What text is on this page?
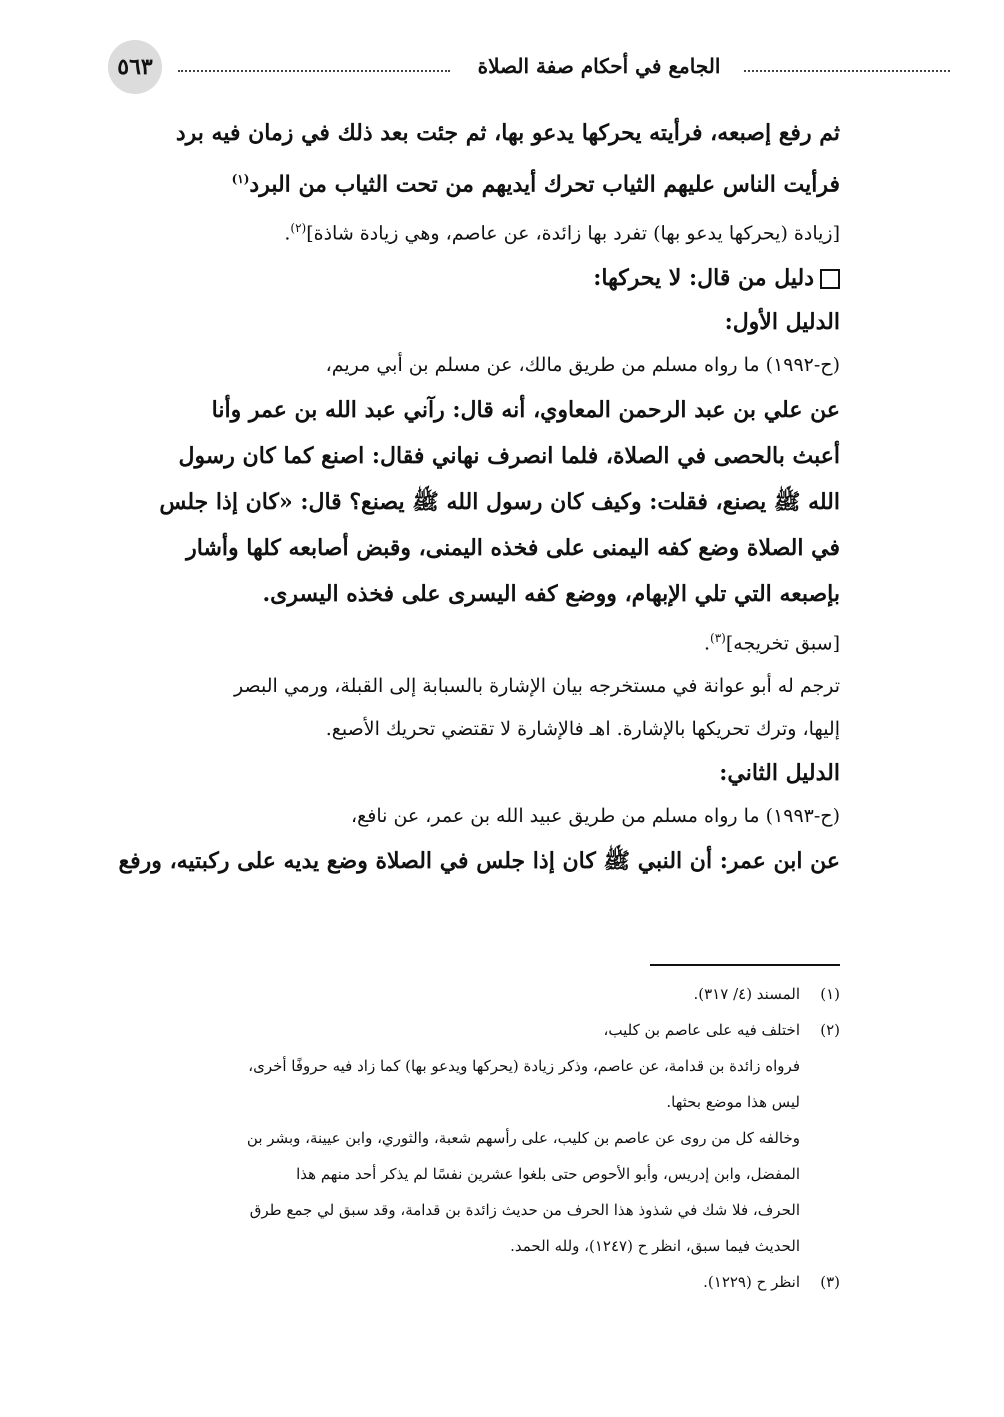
٥٦٣	الجامع في أحكام صفة الصلاة

ثم رفع إصبعه، فرأيته يحركها يدعو بها، ثم جئت بعد ذلك في زمان فيه برد

فرأيت الناس عليهم الثياب تحرك أيديهم من تحت الثياب من البرد$^{(١)}$

[زيادة (يحركها يدعو بها) تفرد بها زائدة، عن عاصم، وهي زيادة شاذة]$^{(٢)}$.

دليل من قال: لا يحركها:

الدليل الأول:

(ح-١٩٩٢) ما رواه مسلم من طريق مالك، عن مسلم بن أبي مريم،

عن علي بن عبد الرحمن المعاوي، أنه قال: رآني عبد الله بن عمر وأنا

أعبث بالحصى في الصلاة، فلما انصرف نهاني فقال: اصنع كما كان رسول

الله ﷺ يصنع، فقلت: وكيف كان رسول الله ﷺ يصنع؟ قال: «كان إذا جلس

في الصلاة وضع كفه اليمنى على فخذه اليمنى، وقبض أصابعه كلها وأشار

بإصبعه التي تلي الإبهام، ووضع كفه اليسرى على فخذه اليسرى.

[سبق تخريجه]$^{(٣)}$.

ترجم له أبو عوانة في مستخرجه بيان الإشارة بالسبابة إلى القبلة، ورمي البصر

إليها، وترك تحريكها بالإشارة. اهـ فالإشارة لا تقتضي تحريك الأصبع.

الدليل الثاني:

(ح-١٩٩٣) ما رواه مسلم من طريق عبيد الله بن عمر، عن نافع،

عن ابن عمر: أن النبي ﷺ كان إذا جلس في الصلاة وضع يديه على ركبتيه، ورفع

(١)المسند (٤/ ٣١٧).

(٢)اختلف فيه على عاصم بن كليب،

فرواه زائدة بن قدامة، عن عاصم، وذكر زيادة (يحركها ويدعو بها) كما زاد فيه حروفًا أخرى،

ليس هذا موضع بحثها.

وخالفه كل من روى عن عاصم بن كليب، على رأسهم شعبة، والثوري، وابن عيينة، وبشر بن

المفضل، وابن إدريس، وأبو الأحوص حتى بلغوا عشرين نفسًا لم يذكر أحد منهم هذا

الحرف، فلا شك في شذوذ هذا الحرف من حديث زائدة بن قدامة، وقد سبق لي جمع طرق

الحديث فيما سبق، انظر ح (١٢٤٧)، ولله الحمد.

(٣)انظر ح (١٢٢٩).
